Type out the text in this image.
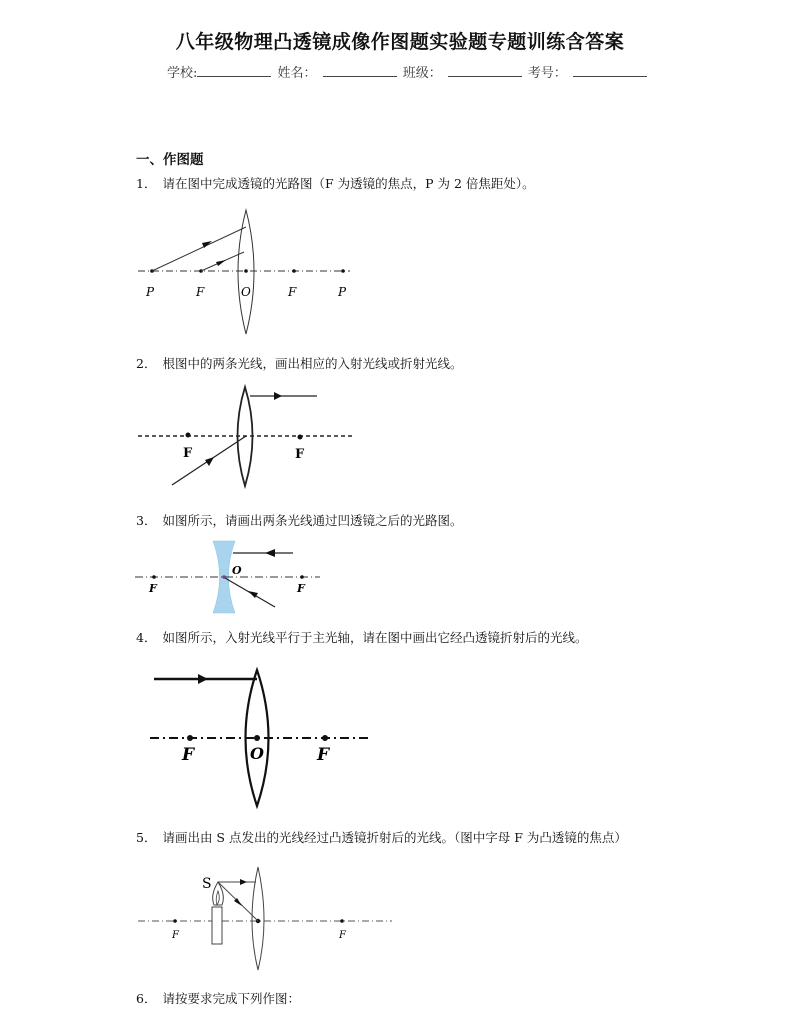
八年级物理凸透镜成像作图题实验题专题训练含答案
学校:	姓名：	班级：	考号：
一、作图题
1． 请在图中完成透镜的光路图（F 为透镜的焦点，P 为 2 倍焦距处）。
P	F	O	F	P
2． 根图中的两条光线，画出相应的入射光线或折射光线。
F	F
3． 如图所示，请画出两条光线通过凹透镜之后的光路图。
F
O
F
4． 如图所示，入射光线平行于主光轴，请在图中画出它经凸透镜折射后的光线。
F	O	F
5． 请画出由 S 点发出的光线经过凸透镜折射后的光线。（图中字母 F 为凸透镜的焦点）
S
F	F
6． 请按要求完成下列作图：
